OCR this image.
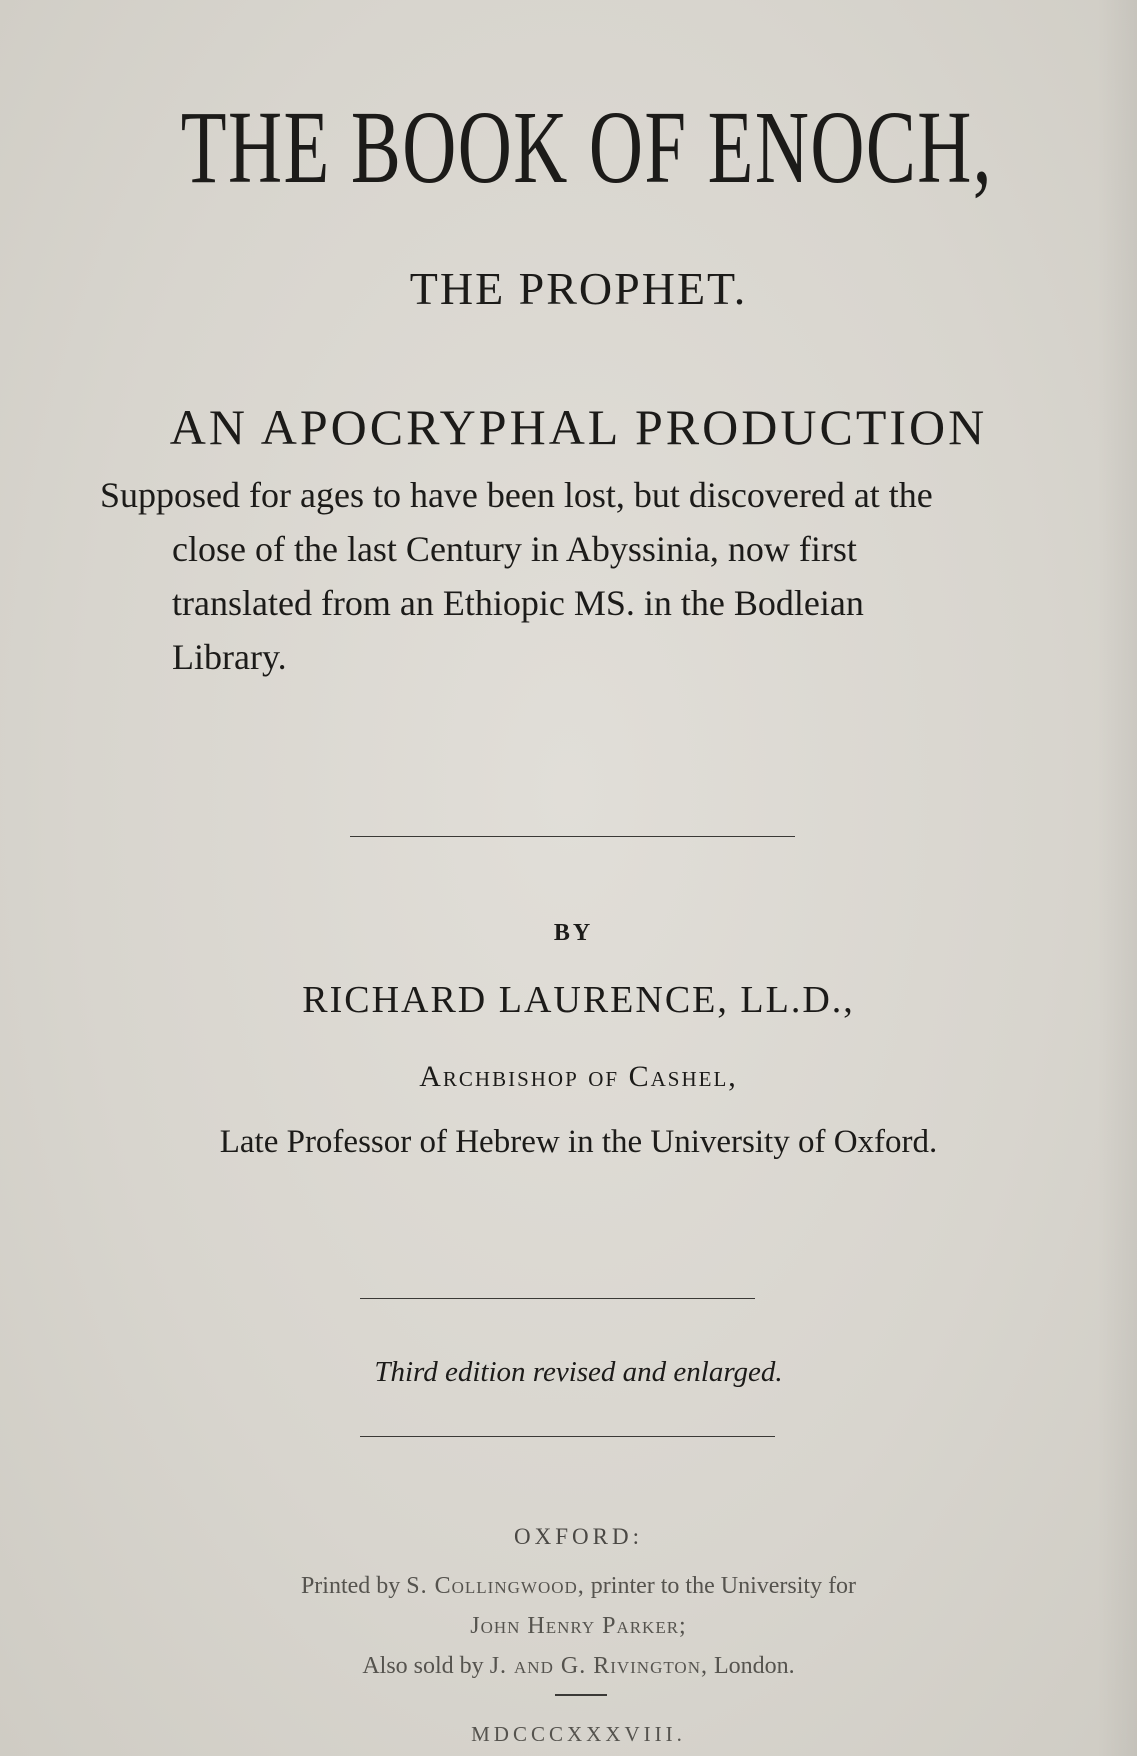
THE BOOK OF ENOCH,
THE PROPHET.
AN APOCRYPHAL PRODUCTION
Supposed for ages to have been lost, but discovered at the
close of the last Century in Abyssinia, now first
translated from an Ethiopic MS. in the Bodleian
Library.
BY
RICHARD LAURENCE, LL.D.,
Archbishop of Cashel,
Late Professor of Hebrew in the University of Oxford.
Third edition revised and enlarged.
OXFORD:
Printed by S. Collingwood, printer to the University for
John Henry Parker;
Also sold by J. and G. Rivington, London.
MDCCCXXXVIII.
